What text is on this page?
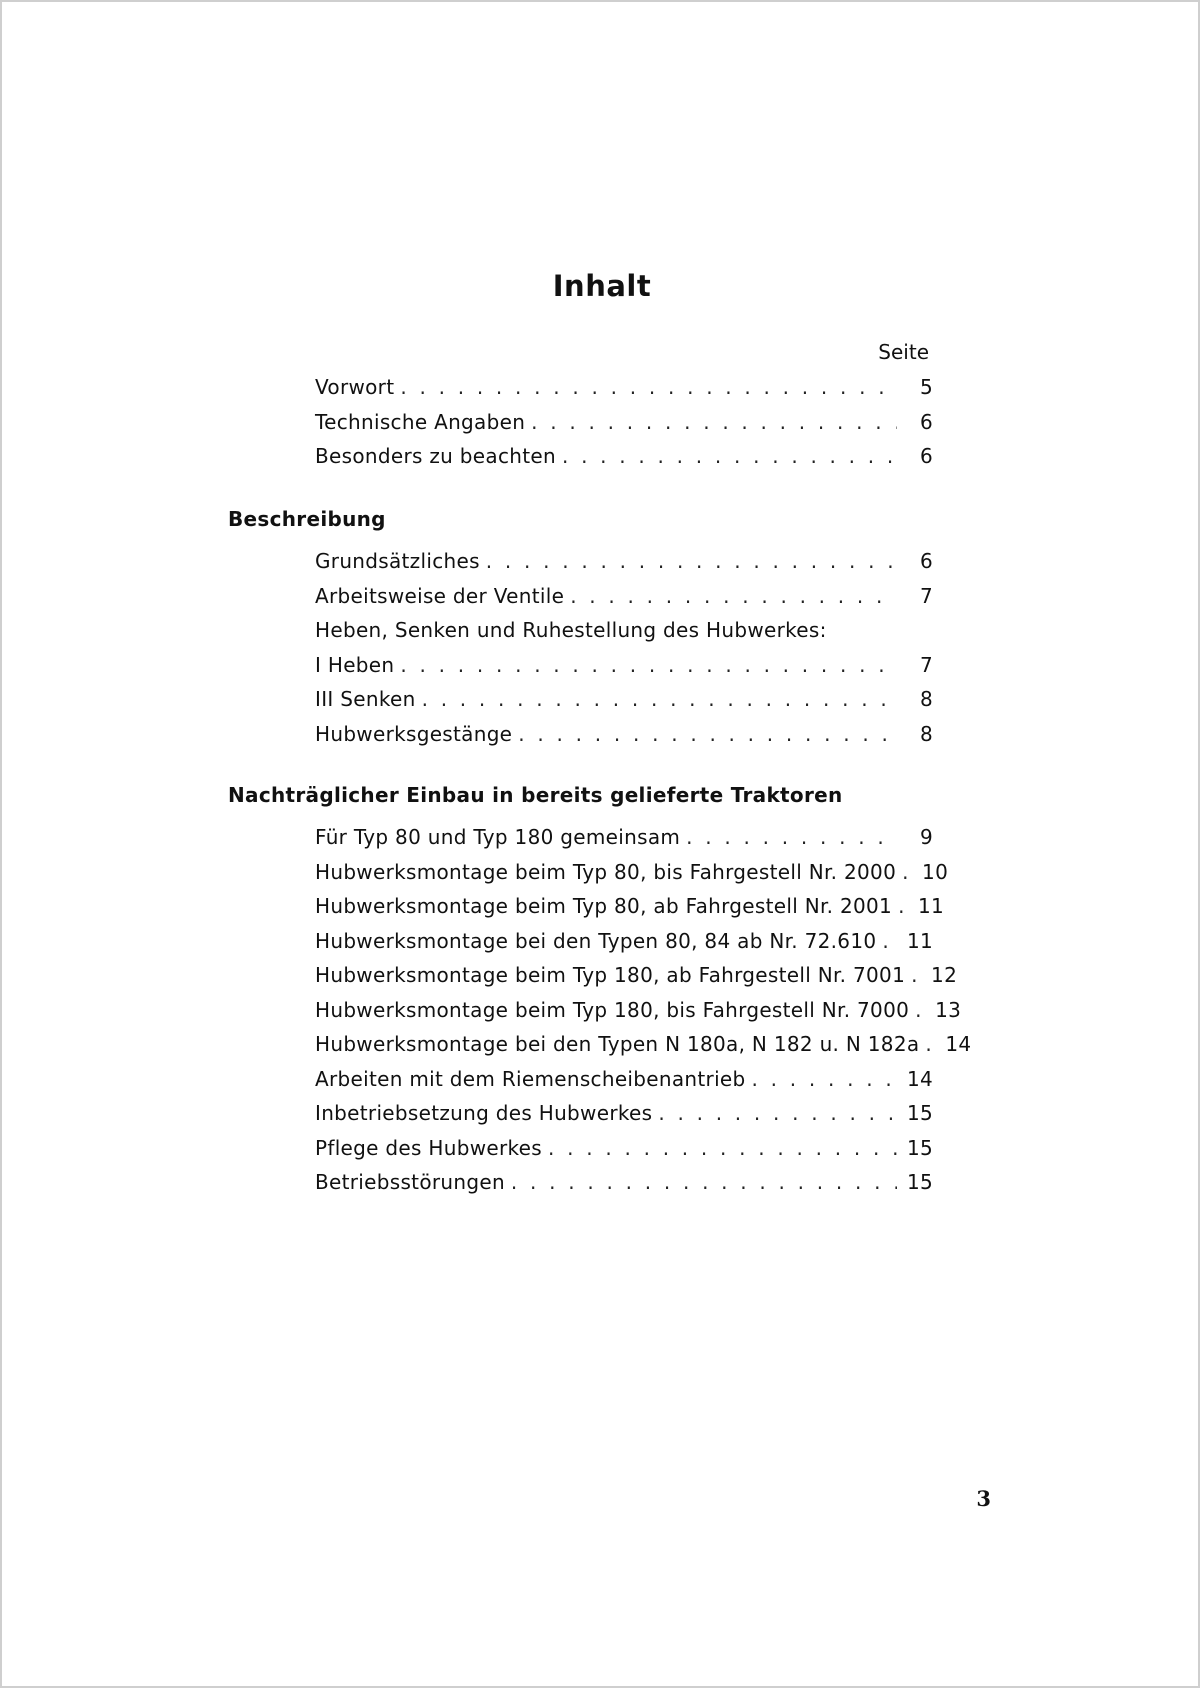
Inhalt
Seite
Vorwort . . .	5
Technische Angaben . . .	6
Besonders zu beachten . . .	6
Beschreibung
Grundsätzliches . . .	6
Arbeitsweise der Ventile . . .	7
Heben, Senken und Ruhestellung des Hubwerkes:
I Heben . . .	7
III Senken . . .	8
Hubwerksgestänge . . .	8
Nachträglicher Einbau in bereits gelieferte Traktoren
Für Typ 80 und Typ 180 gemeinsam . . .	9
Hubwerksmontage beim Typ 80, bis Fahrgestell Nr. 2000 . . . 10
Hubwerksmontage beim Typ 80, ab Fahrgestell Nr. 2001 . . . 11
Hubwerksmontage bei den Typen 80, 84 ab Nr. 72.610 . . . 11
Hubwerksmontage beim Typ 180, ab Fahrgestell Nr. 7001 . . . 12
Hubwerksmontage beim Typ 180, bis Fahrgestell Nr. 7000 . . . 13
Hubwerksmontage bei den Typen N 180a, N 182 u. N 182a . . . 14
Arbeiten mit dem Riemenscheibenantrieb . . .	14
Inbetriebsetzung des Hubwerkes . . .	15
Pflege des Hubwerkes . . .	15
Betriebsstörungen . . .	15
3
